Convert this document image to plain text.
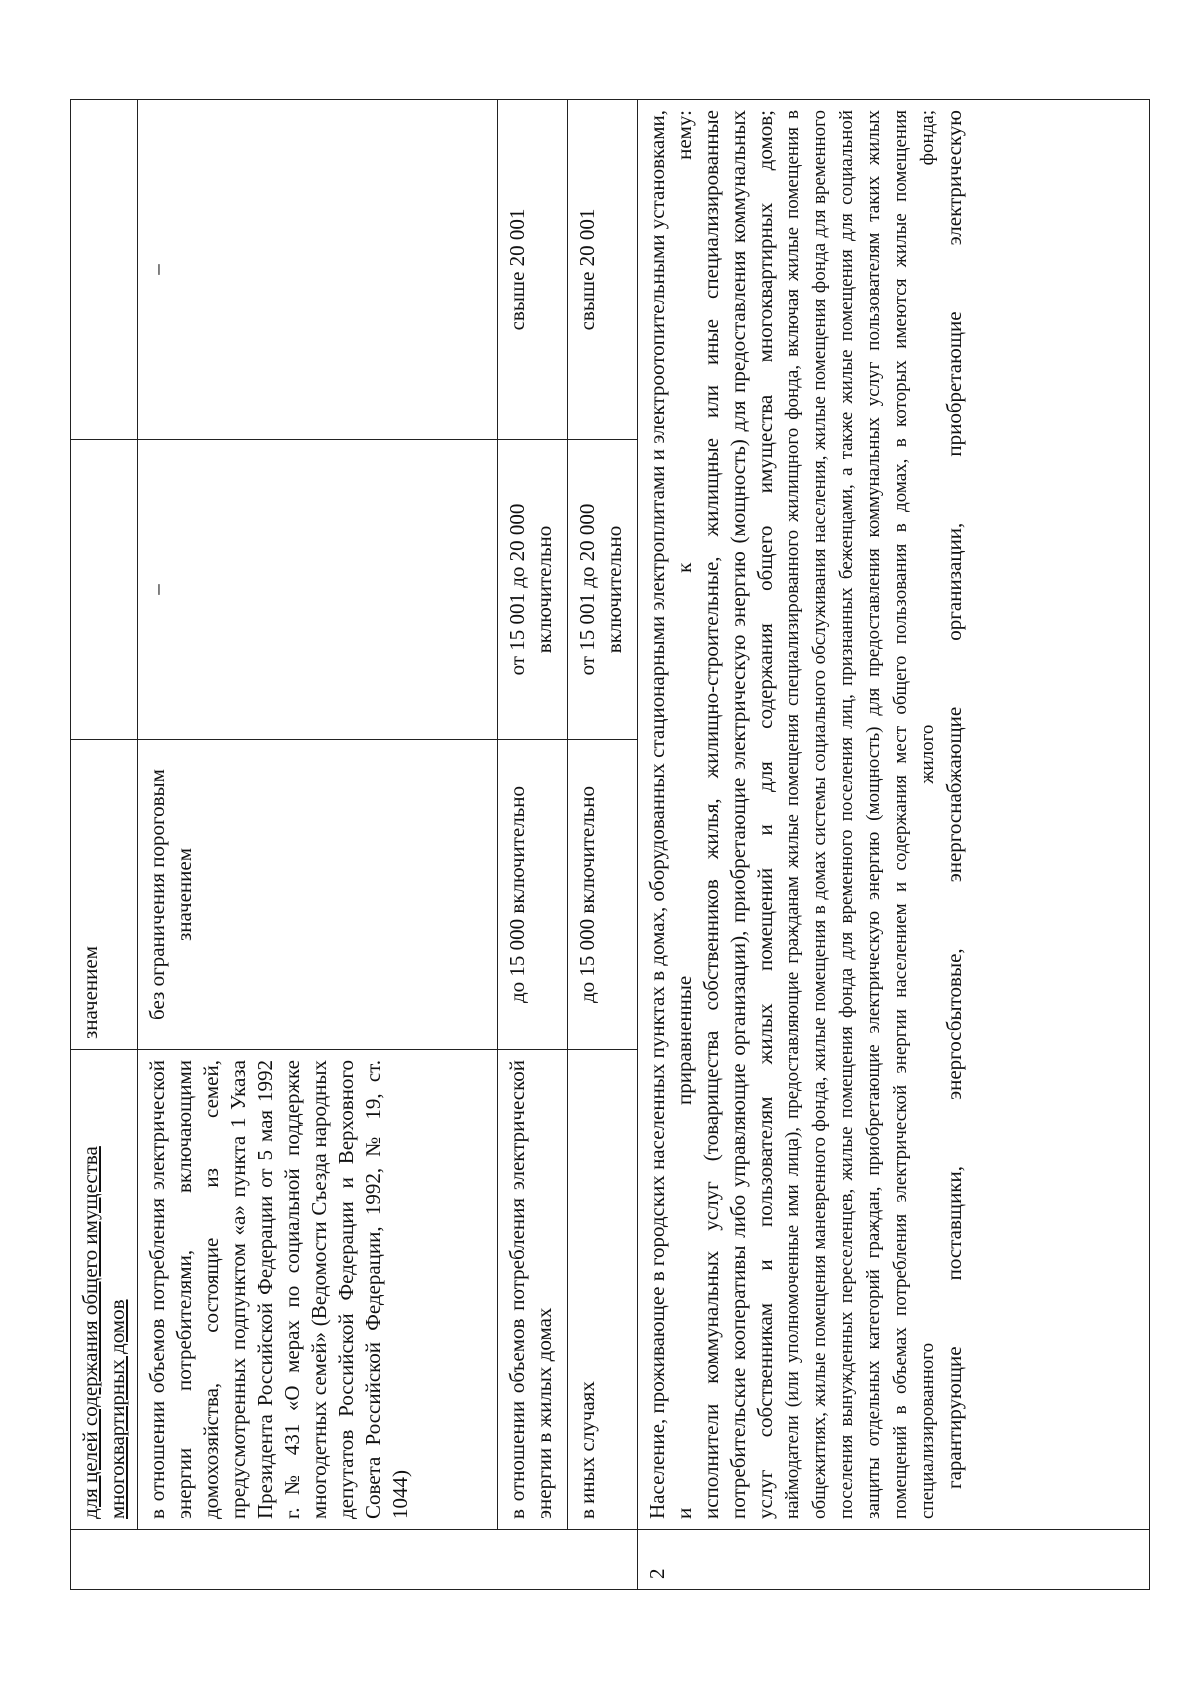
	для целей содержания общего имущества многоквартирных домов	значением		
	в отношении объемов потребления электрической энергии потребителями, включающими домохозяйства, состоящие из семей, предусмотренных подпунктом «а» пункта 1 Указа Президента Российской Федерации от 5 мая 1992 г. № 431 «О мерах по социальной поддержке многодетных семей» (Ведомости Съезда народных депутатов Российской Федерации и Верховного Совета Российской Федерации, 1992, № 19, ст. 1044)	без ограничения пороговым значением	–	–
	в отношении объемов потребления электрической энергии в жилых домах	до 15 000 включительно	от 15 001 до 20 000 включительно	свыше 20 001
	в иных случаях	до 15 000 включительно	от 15 001 до 20 000 включительно	свыше 20 001
2	Население, проживающее в городских населенных пунктах в домах, оборудованных стационарными электроплитами и электроотопительными установками, и приравненные к нему: исполнители коммунальных услуг (товарищества собственников жилья, жилищно-строительные, жилищные или иные специализированные потребительские кооперативы либо управляющие организации), приобретающие электрическую энергию (мощность) для предоставления коммунальных услуг собственникам и пользователям жилых помещений и для содержания общего имущества многоквартирных домов; наймодатели (или уполномоченные ими лица), предоставляющие гражданам жилые помещения специализированного жилищного фонда, включая жилые помещения в общежитиях, жилые помещения маневренного фонда, жилые помещения в домах системы социального обслуживания населения, жилые помещения фонда для временного поселения вынужденных переселенцев, жилые помещения фонда для временного поселения лиц, признанных беженцами, а также жилые помещения для социальной защиты отдельных категорий граждан, приобретающие электрическую энергию (мощность) для предоставления коммунальных услуг пользователям таких жилых помещений в объемах потребления электрической энергии населением и содержания мест общего пользования в домах, в которых имеются жилые помещения специализированного жилого фонда; гарантирующие поставщики, энергосбытовые, энергоснабжающие организации, приобретающие электрическую			
